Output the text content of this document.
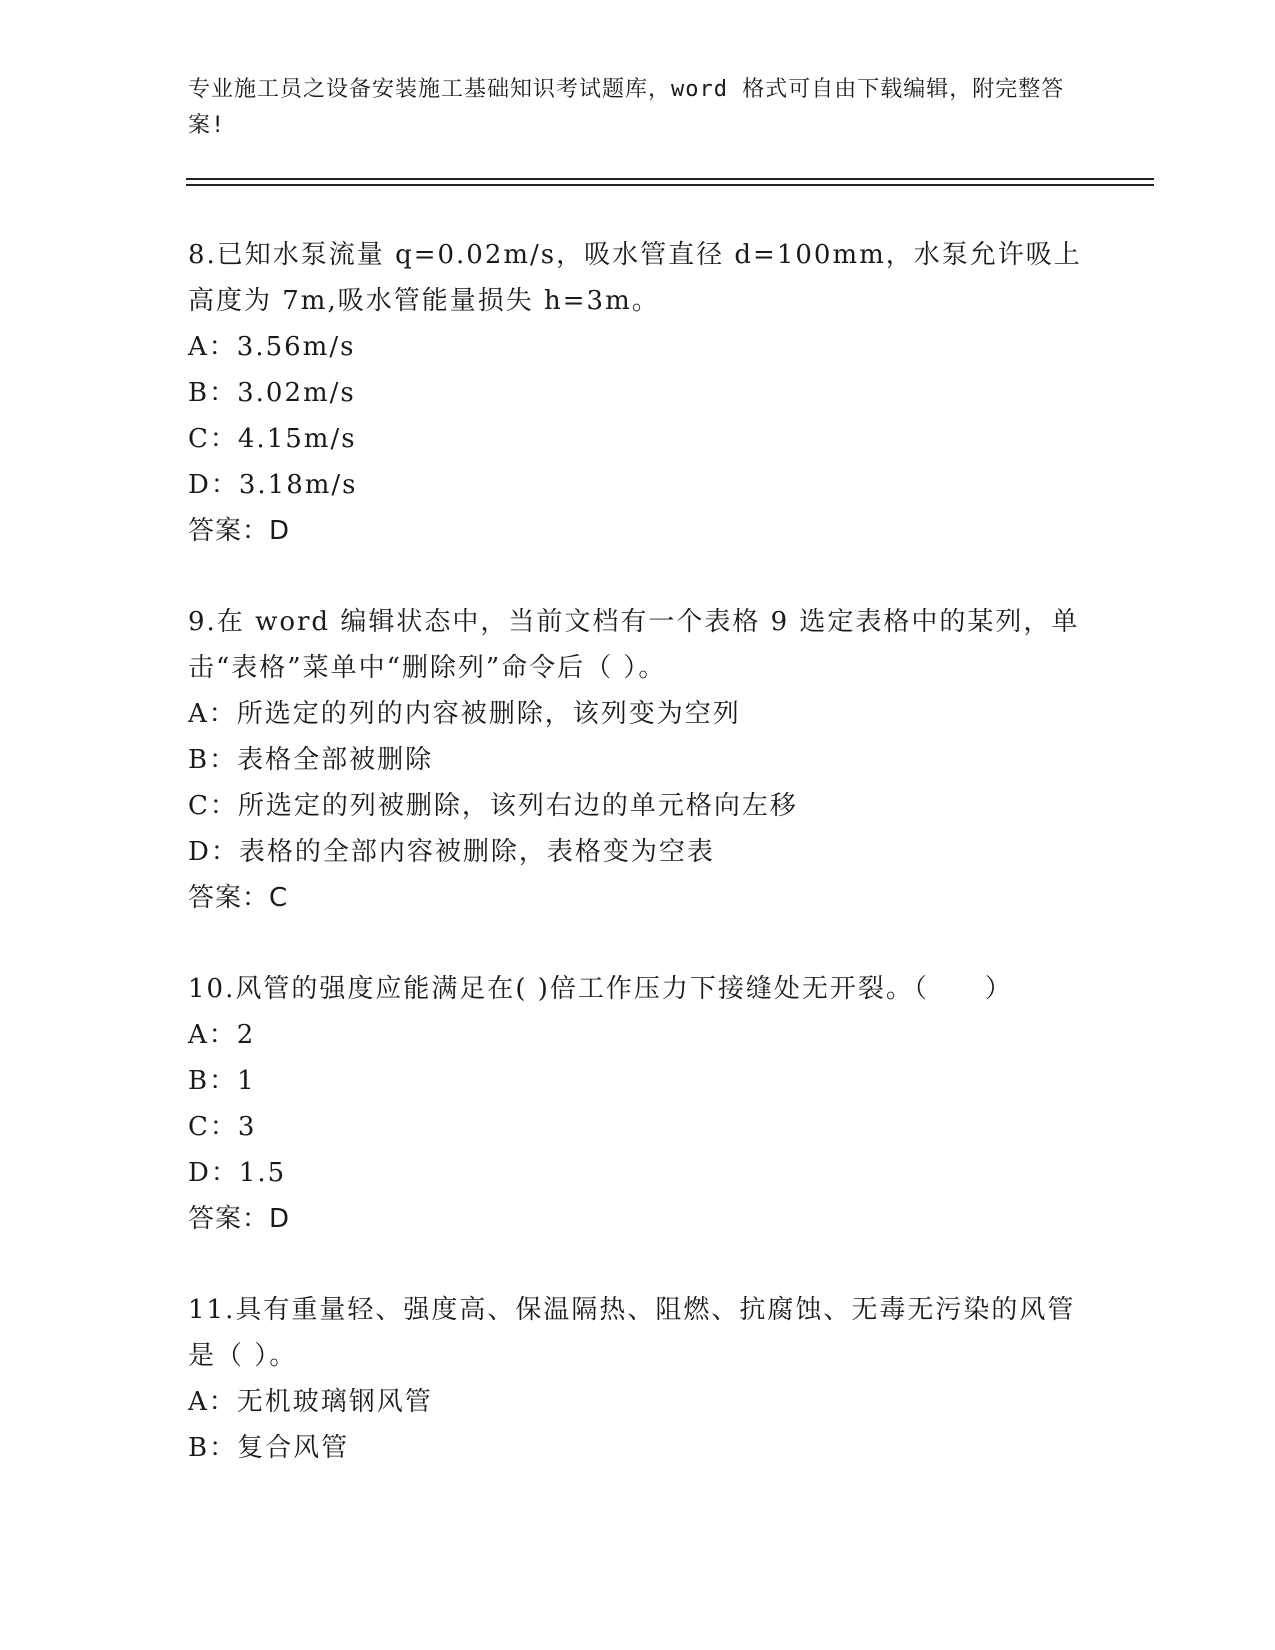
专业施工员之设备安装施工基础知识考试题库，word 格式可自由下载编辑，附完整答案!

8.已知水泵流量 q=0.02m/s，吸水管直径 d=100mm，水泵允许吸上高度为 7m,吸水管能量损失 h=3m。

A：3.56m/s
B：3.02m/s
C：4.15m/s
D：3.18m/s
答案：D

9.在 word 编辑状态中，当前文档有一个表格 9 选定表格中的某列，单击“表格”菜单中“删除列”命令后（ ）。

A：所选定的列的内容被删除，该列变为空列
B：表格全部被删除
C：所选定的列被删除，该列右边的单元格向左移
D：表格的全部内容被删除，表格变为空表
答案：C

10.风管的强度应能满足在( )倍工作压力下接缝处无开裂。（　　）

A：2
B：1
C：3
D：1.5
答案：D

11.具有重量轻、强度高、保温隔热、阻燃、抗腐蚀、无毒无污染的风管是（ ）。

A：无机玻璃钢风管
B：复合风管
